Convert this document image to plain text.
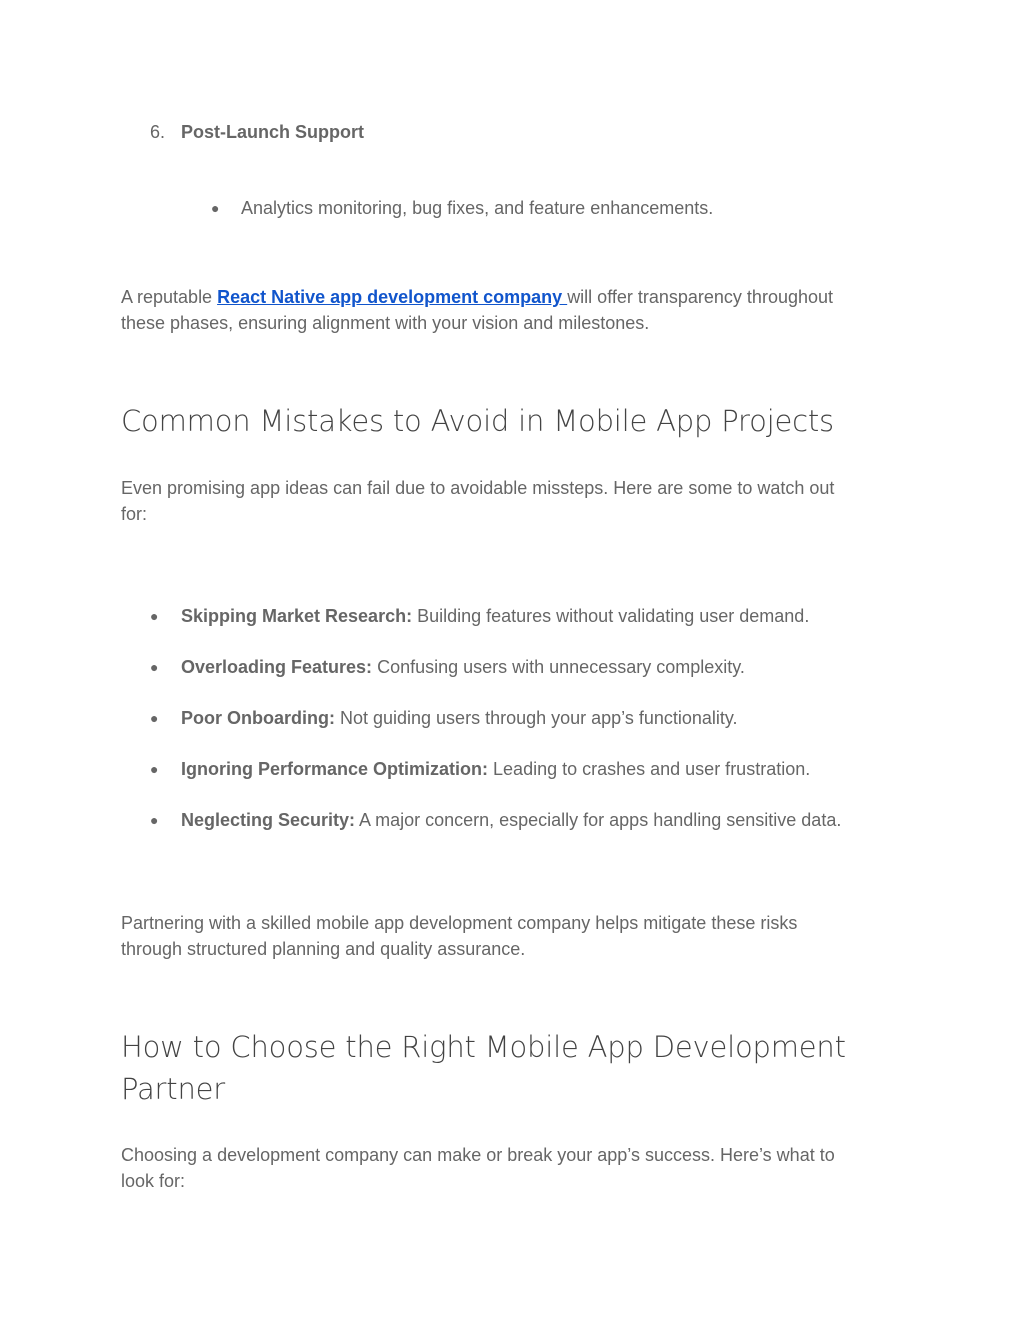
6. Post-Launch Support
● Analytics monitoring, bug fixes, and feature enhancements.
A reputable React Native app development company will offer transparency throughout
these phases, ensuring alignment with your vision and milestones.
Common Mistakes to Avoid in Mobile App Projects
Even promising app ideas can fail due to avoidable missteps. Here are some to watch out
for:
● Skipping Market Research: Building features without validating user demand.
● Overloading Features: Confusing users with unnecessary complexity.
● Poor Onboarding: Not guiding users through your app’s functionality.
● Ignoring Performance Optimization: Leading to crashes and user frustration.
● Neglecting Security: A major concern, especially for apps handling sensitive data.
Partnering with a skilled mobile app development company helps mitigate these risks
through structured planning and quality assurance.
How to Choose the Right Mobile App Development
Partner
Choosing a development company can make or break your app’s success. Here’s what to
look for:
